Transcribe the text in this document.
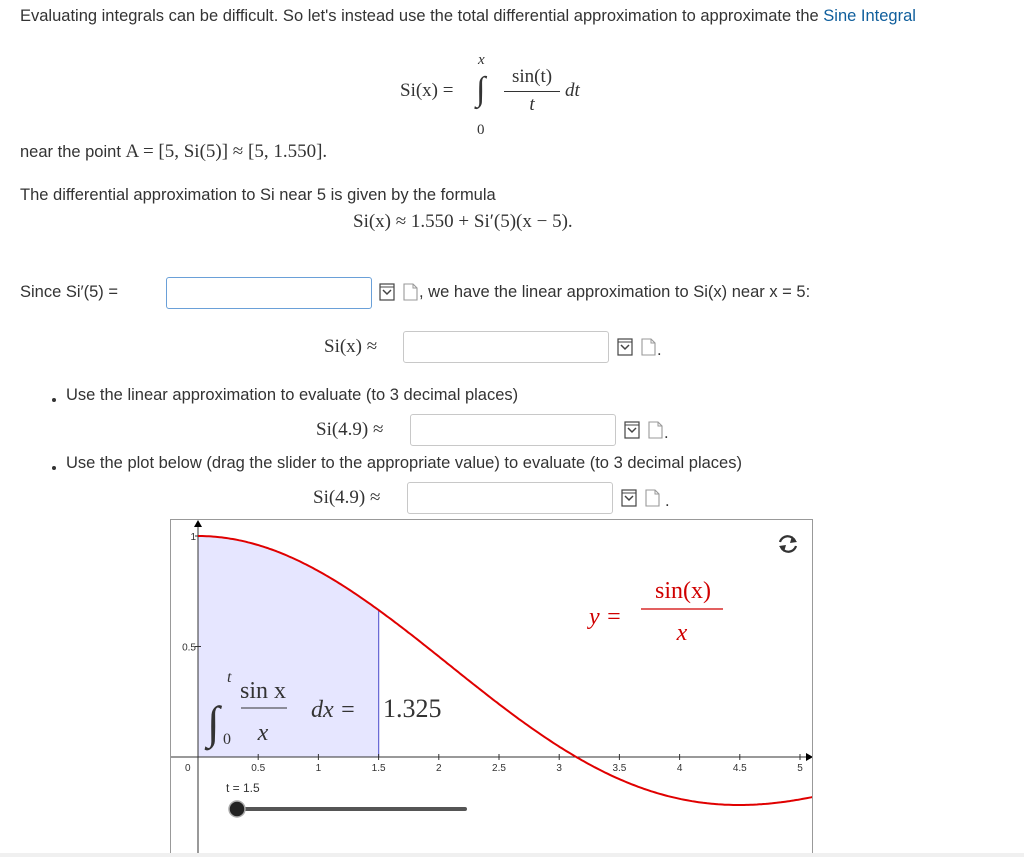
Evaluating integrals can be difficult. So let's instead use the total differential approximation to approximate the Sine Integral
Si(x) =
x
∫
0
sin(t)
t
dt
near the point A = [5, Si(5)] ≈ [5, 1.550].
The differential approximation to Si near 5 is given by the formula
Si(x) ≈ 1.550 + Si′(5)(x − 5).
Since Si′(5) =	, we have the linear approximation to Si(x) near x = 5:
Si(x) ≈	.
Use the linear approximation to evaluate (to 3 decimal places)
Si(4.9) ≈	.
Use the plot below (drag the slider to the appropriate value) to evaluate (to 3 decimal places)
Si(4.9) ≈	.
0.5	1	1.5	2	2.5	3	3.5	4	4.5	5
0.5
1
0
y =
sin(x)
x
∫
t
0
sin x
x
dx = 1.325
t = 1.5
